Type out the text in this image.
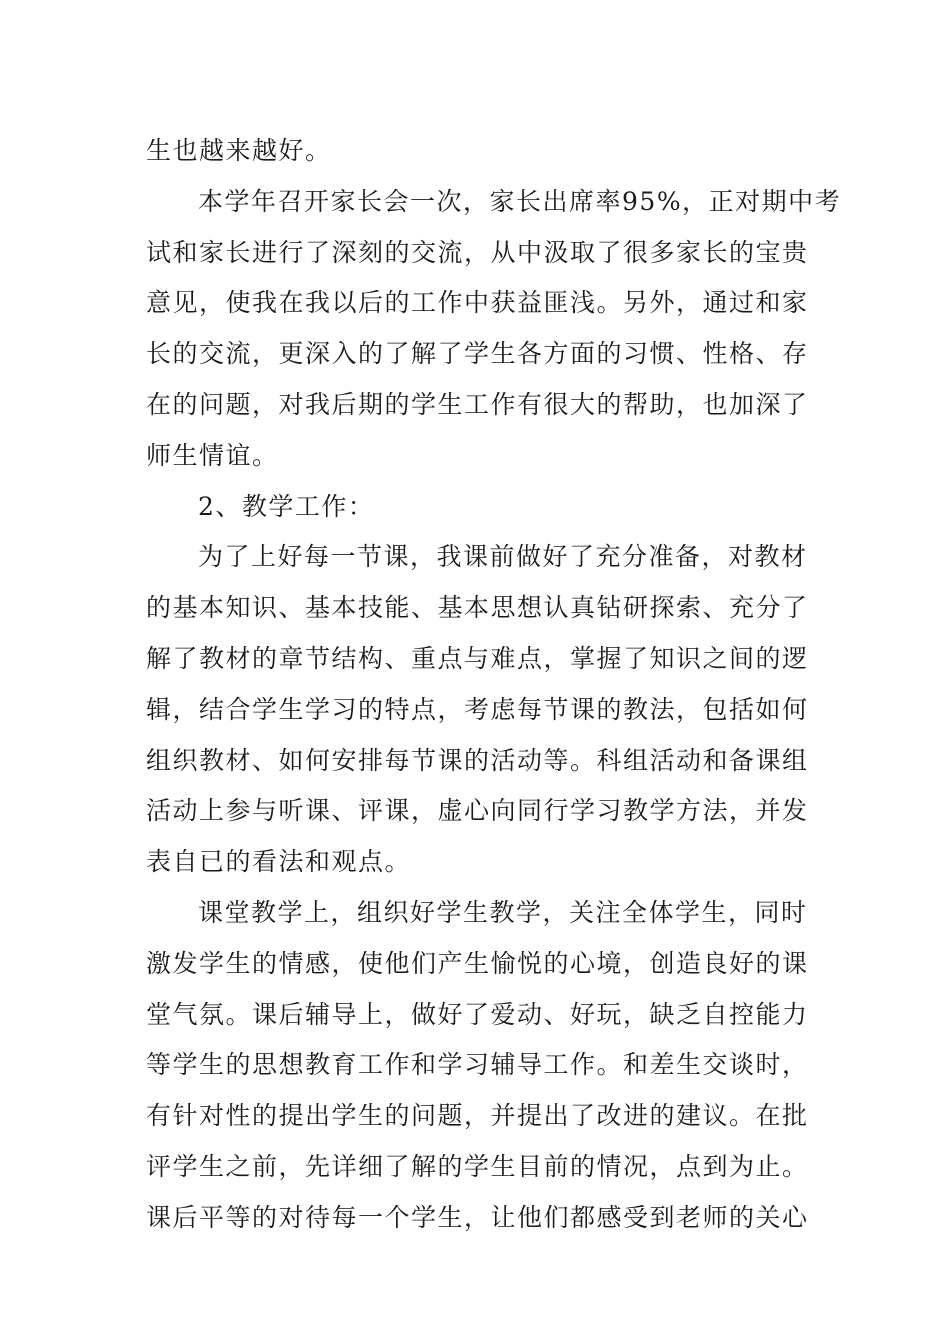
生也越来越好。
本学年召开家长会一次，家长出席率95%，正对期中考
试和家长进行了深刻的交流，从中汲取了很多家长的宝贵
意见，使我在我以后的工作中获益匪浅。另外，通过和家
长的交流，更深入的了解了学生各方面的习惯、性格、存
在的问题，对我后期的学生工作有很大的帮助，也加深了
师生情谊。
2、教学工作：
为了上好每一节课，我课前做好了充分准备，对教材
的基本知识、基本技能、基本思想认真钻研探索、充分了
解了教材的章节结构、重点与难点，掌握了知识之间的逻
辑，结合学生学习的特点，考虑每节课的教法，包括如何
组织教材、如何安排每节课的活动等。科组活动和备课组
活动上参与听课、评课，虚心向同行学习教学方法，并发
表自已的看法和观点。
课堂教学上，组织好学生教学，关注全体学生，同时
激发学生的情感，使他们产生愉悦的心境，创造良好的课
堂气氛。课后辅导上，做好了爱动、好玩，缺乏自控能力
等学生的思想教育工作和学习辅导工作。和差生交谈时，
有针对性的提出学生的问题，并提出了改进的建议。在批
评学生之前，先详细了解的学生目前的情况，点到为止。
课后平等的对待每一个学生，让他们都感受到老师的关心
